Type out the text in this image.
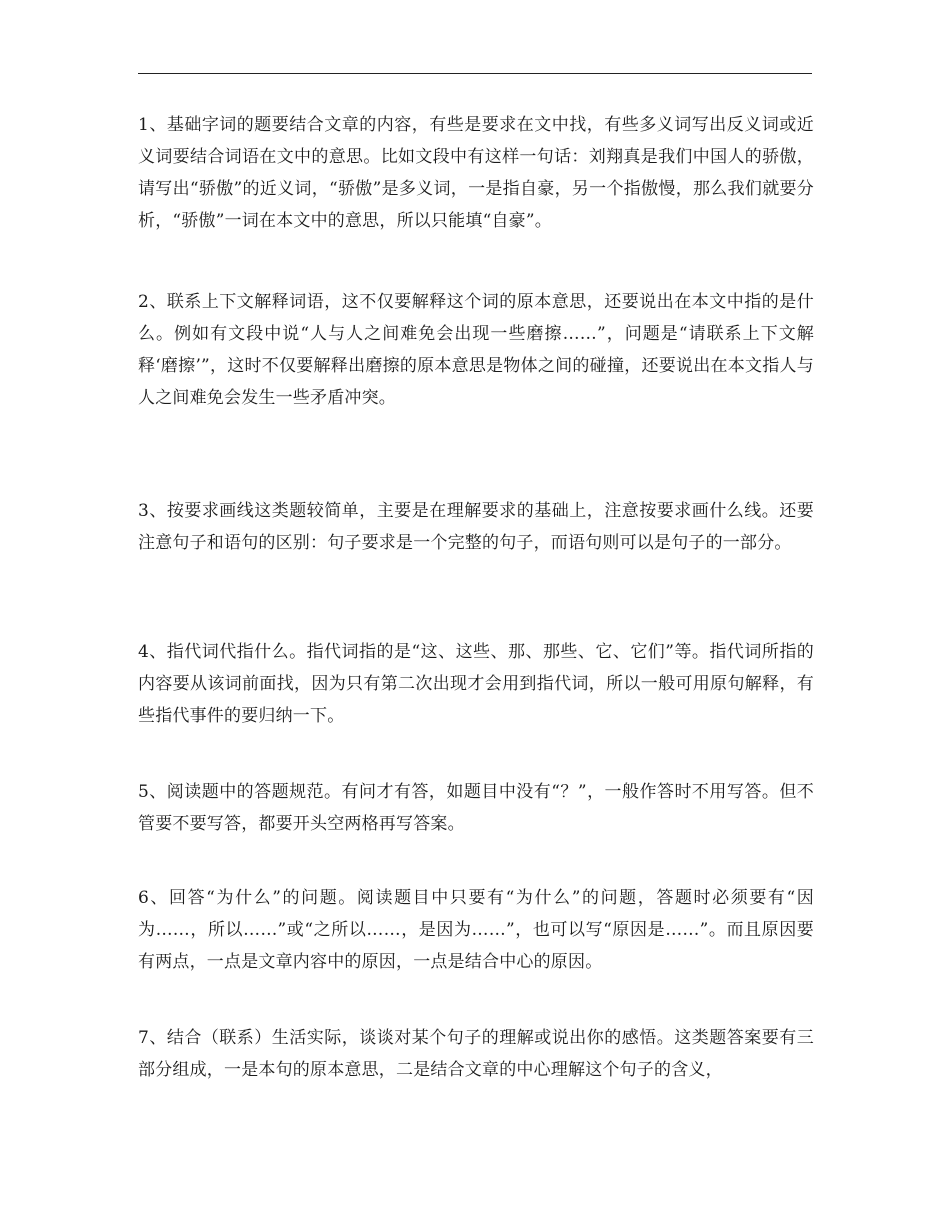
1、基础字词的题要结合文章的内容，有些是要求在文中找，有些多义词写出反义词或近义词要结合词语在文中的意思。比如文段中有这样一句话：刘翔真是我们中国人的骄傲，请写出“骄傲”的近义词，“骄傲”是多义词，一是指自豪，另一个指傲慢，那么我们就要分析，“骄傲”一词在本文中的意思，所以只能填“自豪”。

2、联系上下文解释词语，这不仅要解释这个词的原本意思，还要说出在本文中指的是什么。例如有文段中说“人与人之间难免会出现一些磨擦……”，问题是“请联系上下文解释‘磨擦’”，这时不仅要解释出磨擦的原本意思是物体之间的碰撞，还要说出在本文指人与人之间难免会发生一些矛盾冲突。

3、按要求画线这类题较简单，主要是在理解要求的基础上，注意按要求画什么线。还要注意句子和语句的区别：句子要求是一个完整的句子，而语句则可以是句子的一部分。

4、指代词代指什么。指代词指的是“这、这些、那、那些、它、它们”等。指代词所指的内容要从该词前面找，因为只有第二次出现才会用到指代词，所以一般可用原句解释，有些指代事件的要归纳一下。

5、阅读题中的答题规范。有问才有答，如题目中没有“？”，一般作答时不用写答。但不管要不要写答，都要开头空两格再写答案。

6、回答“为什么”的问题。阅读题目中只要有“为什么”的问题，答题时必须要有“因为……，所以……”或“之所以……，是因为……”，也可以写“原因是……”。而且原因要有两点，一点是文章内容中的原因，一点是结合中心的原因。

7、结合（联系）生活实际，谈谈对某个句子的理解或说出你的感悟。这类题答案要有三部分组成，一是本句的原本意思，二是结合文章的中心理解这个句子的含义，
